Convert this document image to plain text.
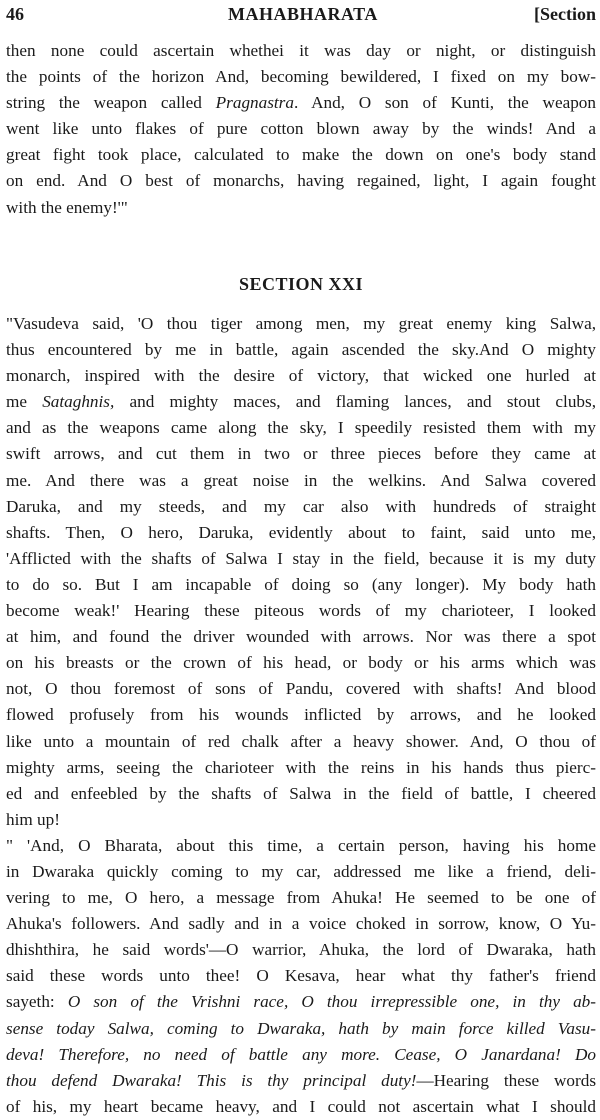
46	MAHABHARATA	[Section
then none could ascertain whethei it was day or night, or distinguish
the points of the horizon And, becoming bewildered, I fixed on my bow-
string the weapon called Pragnastra. And, O son of Kunti, the weapon
went like unto flakes of pure cotton blown away by the winds! And a
great fight took place, calculated to make the down on one's body stand
on end. And O best of monarchs, having regained, light, I again fought
with the enemy!'"
SECTION XXI
"Vasudeva said, 'O thou tiger among men, my great enemy king Salwa,
thus encountered by me in battle, again ascended the sky.And O mighty
monarch, inspired with the desire of victory, that wicked one hurled at
me Sataghnis, and mighty maces, and flaming lances, and stout clubs,
and as the weapons came along the sky, I speedily resisted them with my
swift arrows, and cut them in two or three pieces before they came at
me. And there was a great noise in the welkins. And Salwa covered
Daruka, and my steeds, and my car also with hundreds of straight
shafts. Then, O hero, Daruka, evidently about to faint, said unto me,
'Afflicted with the shafts of Salwa I stay in the field, because it is my duty
to do so. But I am incapable of doing so (any longer). My body hath
become weak!' Hearing these piteous words of my charioteer, I looked
at him, and found the driver wounded with arrows. Nor was there a spot
on his breasts or the crown of his head, or body or his arms which was
not, O thou foremost of sons of Pandu, covered with shafts! And blood
flowed profusely from his wounds inflicted by arrows, and he looked
like unto a mountain of red chalk after a heavy shower. And, O thou of
mighty arms, seeing the charioteer with the reins in his hands thus pierc-
ed and enfeebled by the shafts of Salwa in the field of battle, I cheered
him up!
" 'And, O Bharata, about this time, a certain person, having his home
in Dwaraka quickly coming to my car, addressed me like a friend, deli-
vering to me, O hero, a message from Ahuka! He seemed to be one of
Ahuka's followers. And sadly and in a voice choked in sorrow, know, O Yu-
dhishthira, he said words'—O warrior, Ahuka, the lord of Dwaraka, hath
said these words unto thee! O Kesava, hear what thy father's friend
sayeth: O son of the Vrishni race, O thou irrepressible one, in thy ab-
sense today Salwa, coming to Dwaraka, hath by main force killed Vasu-
deva! Therefore, no need of battle any more. Cease, O Janardana! Do
thou defend Dwaraka! This is thy principal duty!—Hearing these words
of his, my heart became heavy, and I could not ascertain what I should
